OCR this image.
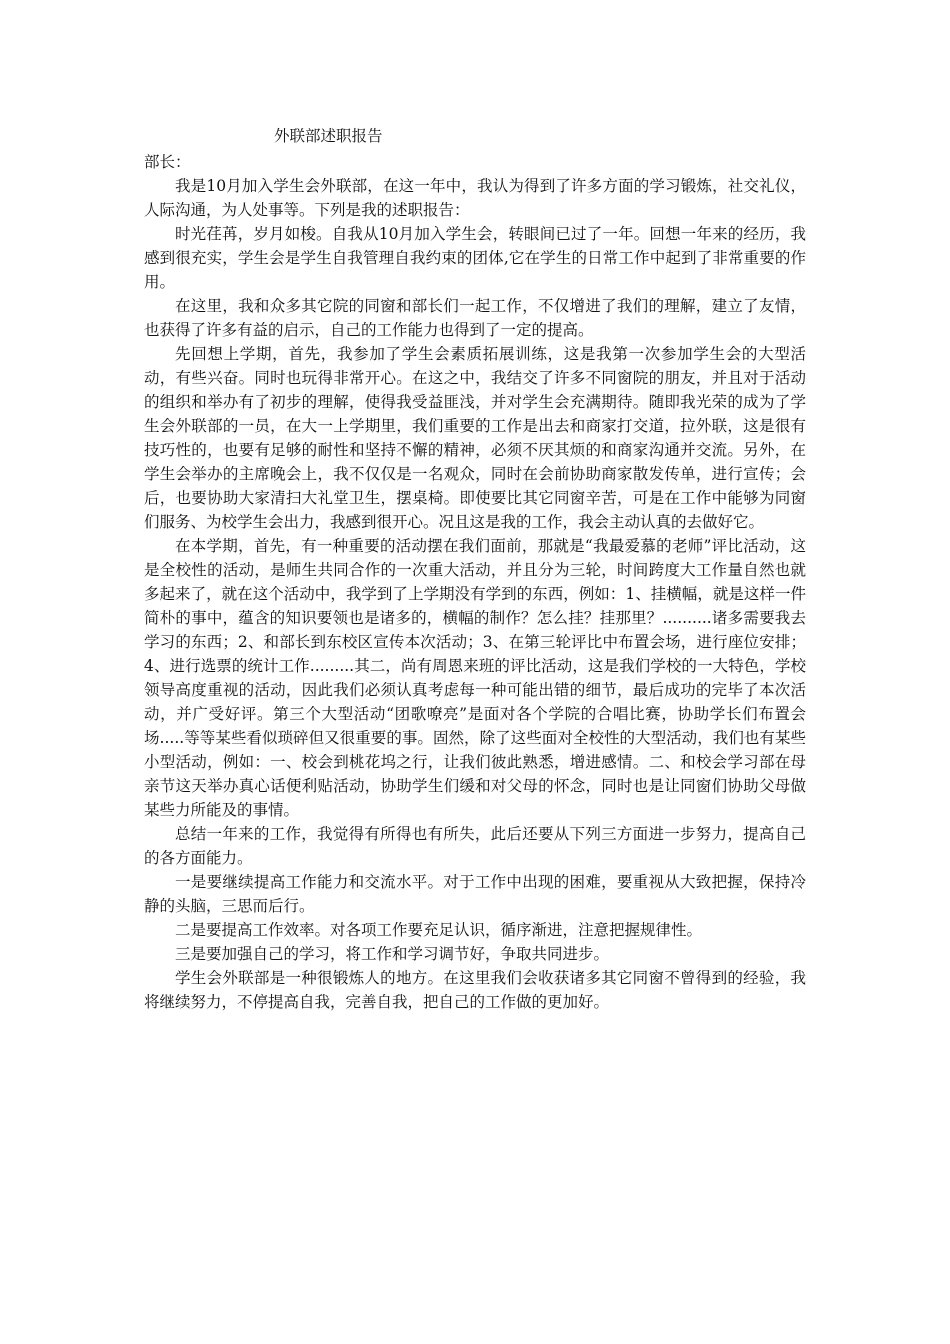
外联部述职报告

部长：

我是10月加入学生会外联部，在这一年中，我认为得到了许多方面的学习锻炼，社交礼仪，人际沟通，为人处事等。下列是我的述职报告：

时光荏苒，岁月如梭。自我从10月加入学生会，转眼间已过了一年。回想一年来的经历，我感到很充实，学生会是学生自我管理自我约束的团体,它在学生的日常工作中起到了非常重要的作用。

在这里，我和众多其它院的同窗和部长们一起工作，不仅增进了我们的理解，建立了友情，也获得了许多有益的启示，自己的工作能力也得到了一定的提高。

先回想上学期，首先，我参加了学生会素质拓展训练，这是我第一次参加学生会的大型活动，有些兴奋。同时也玩得非常开心。在这之中，我结交了许多不同窗院的朋友，并且对于活动的组织和举办有了初步的理解，使得我受益匪浅，并对学生会充满期待。随即我光荣的成为了学生会外联部的一员，在大一上学期里，我们重要的工作是出去和商家打交道，拉外联，这是很有技巧性的，也要有足够的耐性和坚持不懈的精神，必须不厌其烦的和商家沟通并交流。另外，在学生会举办的主席晚会上，我不仅仅是一名观众，同时在会前协助商家散发传单，进行宣传；会后，也要协助大家清扫大礼堂卫生，摆桌椅。即使要比其它同窗辛苦，可是在工作中能够为同窗们服务、为校学生会出力，我感到很开心。况且这是我的工作，我会主动认真的去做好它。

在本学期，首先，有一种重要的活动摆在我们面前，那就是“我最爱慕的老师”评比活动，这是全校性的活动，是师生共同合作的一次重大活动，并且分为三轮，时间跨度大工作量自然也就多起来了，就在这个活动中，我学到了上学期没有学到的东西，例如：1、挂横幅，就是这样一件简朴的事中，蕴含的知识要领也是诸多的，横幅的制作？怎么挂？挂那里？..........诸多需要我去学习的东西；2、和部长到东校区宣传本次活动；3、在第三轮评比中布置会场，进行座位安排；4、进行选票的统计工作.........其二，尚有周恩来班的评比活动，这是我们学校的一大特色，学校领导高度重视的活动，因此我们必须认真考虑每一种可能出错的细节，最后成功的完毕了本次活动，并广受好评。第三个大型活动“团歌嘹亮”是面对各个学院的合唱比赛，协助学长们布置会场.....等等某些看似琐碎但又很重要的事。固然，除了这些面对全校性的大型活动，我们也有某些小型活动，例如：一、校会到桃花坞之行，让我们彼此熟悉，增进感情。二、和校会学习部在母亲节这天举办真心话便利贴活动，协助学生们缓和对父母的怀念，同时也是让同窗们协助父母做某些力所能及的事情。

总结一年来的工作，我觉得有所得也有所失，此后还要从下列三方面进一步努力，提高自己的各方面能力。

一是要继续提高工作能力和交流水平。对于工作中出现的困难，要重视从大致把握，保持冷静的头脑，三思而后行。

二是要提高工作效率。对各项工作要充足认识，循序渐进，注意把握规律性。

三是要加强自己的学习，将工作和学习调节好，争取共同进步。

学生会外联部是一种很锻炼人的地方。在这里我们会收获诸多其它同窗不曾得到的经验，我将继续努力，不停提高自我，完善自我，把自己的工作做的更加好。
